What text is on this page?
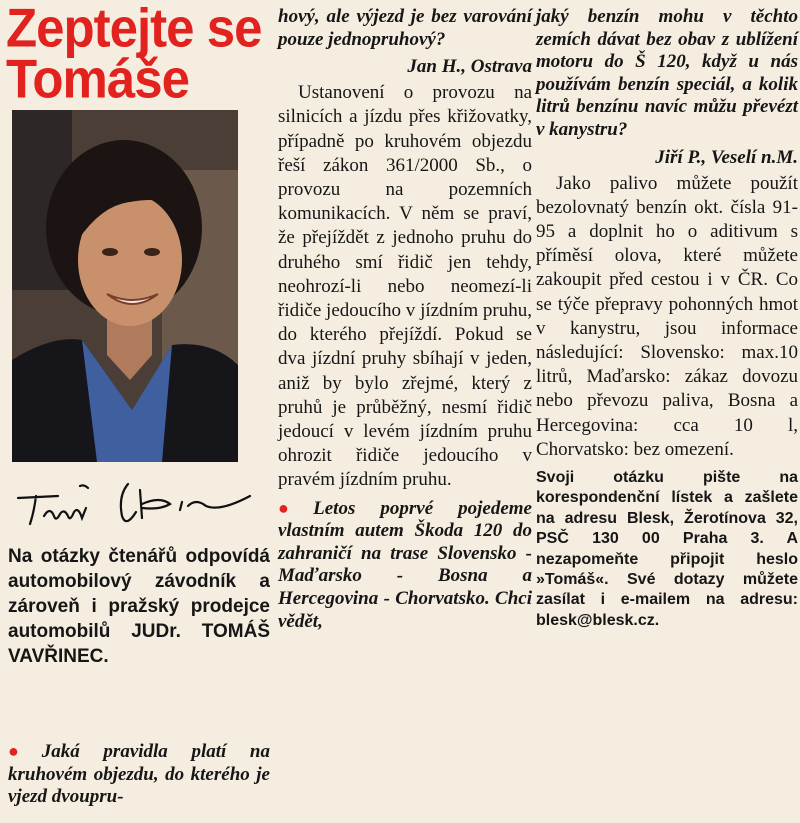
Zeptejte se
Tomáše

Na otázky čtenářů odpovídá automobilový závodník a zároveň i pražský prodejce automobilů JUDr. TOMÁŠ VAVŘINEC.

● Jaká pravidla platí na kruhovém objezdu, do kterého je vjezd dvoupru-

hový, ale výjezd je bez varování pouze jednopruhový?

Jan H., Ostrava

Ustanovení o provozu na silnicích a jízdu přes křižovatky, případně po kruhovém objezdu řeší zákon 361/2000 Sb., o provozu na pozemních komunikacích. V něm se praví, že přejíždět z jednoho pruhu do druhého smí řidič jen tehdy, neohrozí-li nebo neomezí-li řidiče jedoucího v jízdním pruhu, do kterého přejíždí. Pokud se dva jízdní pruhy sbíhají v jeden, aniž by bylo zřejmé, který z pruhů je průběžný, nesmí řidič jedoucí v levém jízdním pruhu ohrozit řidiče jedoucího v pravém jízdním pruhu.

● Letos poprvé pojedeme vlastním autem Škoda 120 do zahraničí na trase Slovensko - Maďarsko - Bosna a Hercegovina - Chorvatsko. Chci vědět,

jaký benzín mohu v těchto zemích dávat bez obav z ublížení motoru do Š 120, když u nás používám benzín speciál, a kolik litrů benzínu navíc můžu převézt v kanystru?

Jiří P., Veselí n.M.

Jako palivo můžete použít bezolovnatý benzín okt. čísla 91-95 a doplnit ho o aditivum s příměsí olova, které můžete zakoupit před cestou i v ČR. Co se týče přepravy pohonných hmot v kanystru, jsou informace následující: Slovensko: max.10 litrů, Maďarsko: zákaz dovozu nebo převozu paliva, Bosna a Hercegovina: cca 10 l, Chorvatsko: bez omezení.

Svoji otázku pište na korespondenční lístek a zašlete na adresu Blesk, Žerotínova 32, PSČ 130 00 Praha 3. A nezapomeňte připojit heslo »Tomáš«. Své dotazy můžete zasílat i e-mailem na adresu: blesk@blesk.cz.
